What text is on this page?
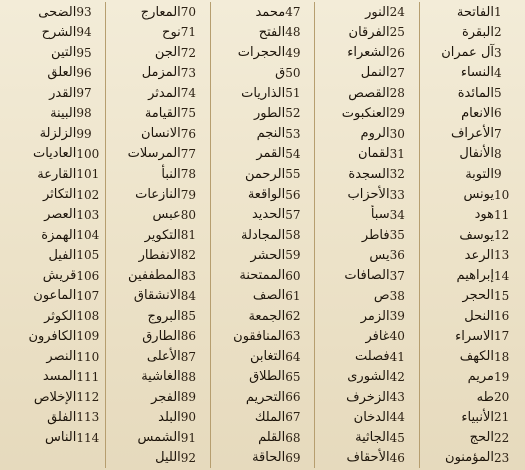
1
الفاتحة
2
البقرة
3
آل عمران
4
النساء
5
المائدة
6
الانعام
7
الأعراف
8
الأنفال
9
التوبة
10
يونس
11
هود
12
يوسف
13
الرعد
14
إبراهيم
15
الحجر
16
النحل
17
الاسراء
18
الكهف
19
مريم
20
طه
21
الأنبياء
22
الحج
23
المؤمنون
24
النور
25
الفرقان
26
الشعراء
27
النمل
28
القصص
29
العنكبوت
30
الروم
31
لقمان
32
السجدة
33
الأحزاب
34
سبأ
35
فاطر
36
يس
37
الصافات
38
ص
39
الزمر
40
غافر
41
فصلت
42
الشورى
43
الزخرف
44
الدخان
45
الجاثية
46
الأحقاف
47
محمد
48
الفتح
49
الحجرات
50
ق
51
الذاريات
52
الطور
53
النجم
54
القمر
55
الرحمن
56
الواقعة
57
الحديد
58
المجادلة
59
الحشر
60
الممتحنة
61
الصف
62
الجمعة
63
المنافقون
64
التغابن
65
الطلاق
66
التحريم
67
الملك
68
القلم
69
الحاقة
70
المعارج
71
نوح
72
الجن
73
المزمل
74
المدثر
75
القيامة
76
الانسان
77
المرسلات
78
النبأ
79
النازعات
80
عبس
81
التكوير
82
الانفطار
83
المطففين
84
الانشقاق
85
البروج
86
الطارق
87
الأعلى
88
الغاشية
89
الفجر
90
البلد
91
الشمس
92
الليل
93
الضحى
94
الشرح
95
التين
96
العلق
97
القدر
98
البينة
99
الزلزلة
100
العاديات
101
القارعة
102
التكاثر
103
العصر
104
الهمزة
105
الفيل
106
قريش
107
الماعون
108
الكوثر
109
الكافرون
110
النصر
111
المسد
112
الإخلاص
113
الفلق
114
الناس
